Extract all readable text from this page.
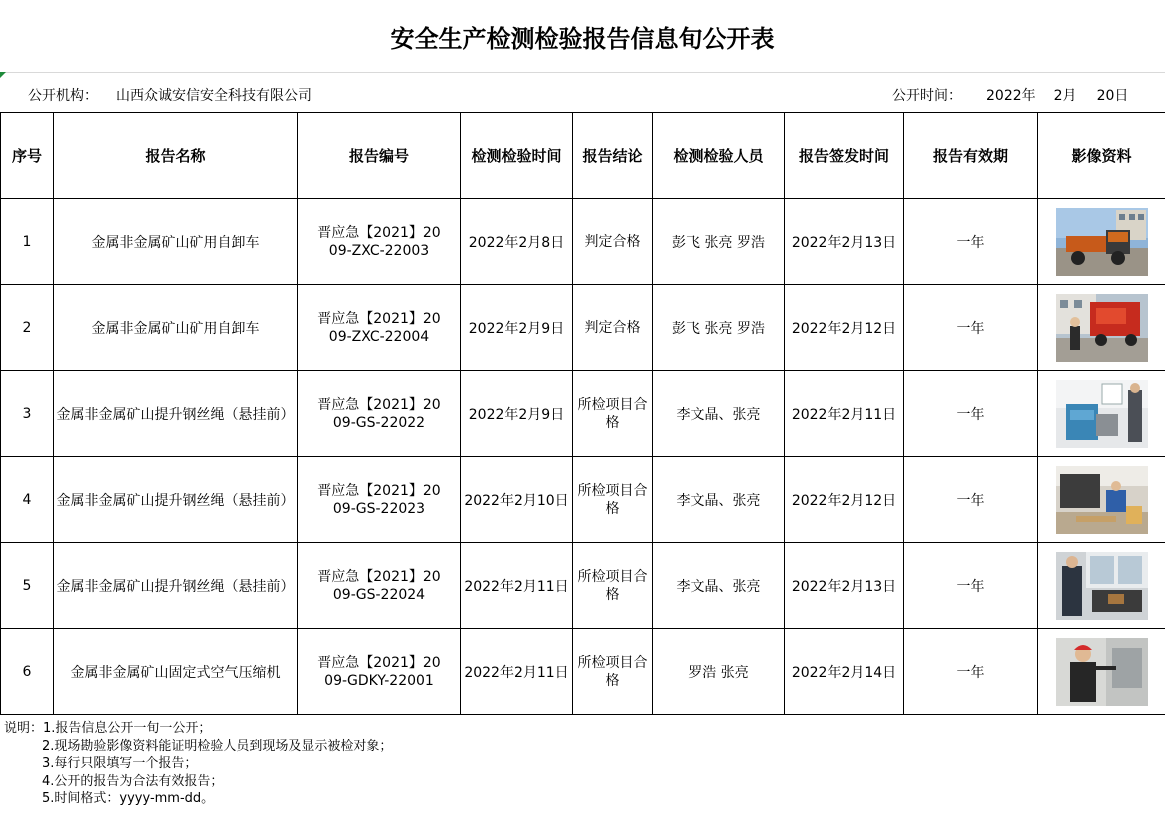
安全生产检测检验报告信息旬公开表
公开机构： 山西众诚安信安全科技有限公司	公开时间： 2022年 2月 20日
序号	报告名称	报告编号	检测检验时间	报告结论	检测检验人员	报告签发时间	报告有效期	影像资料
1	金属非金属矿山矿用自卸车	晋应急【2021】2009-ZXC-22003	2022年2月8日	判定合格	彭飞 张亮 罗浩	2022年2月13日	一年	
2	金属非金属矿山矿用自卸车	晋应急【2021】2009-ZXC-22004	2022年2月9日	判定合格	彭飞 张亮 罗浩	2022年2月12日	一年	
3	金属非金属矿山提升钢丝绳（悬挂前）	晋应急【2021】2009-GS-22022	2022年2月9日	所检项目合格	李文晶、张亮	2022年2月11日	一年	
4	金属非金属矿山提升钢丝绳（悬挂前）	晋应急【2021】2009-GS-22023	2022年2月10日	所检项目合格	李文晶、张亮	2022年2月12日	一年	
5	金属非金属矿山提升钢丝绳（悬挂前）	晋应急【2021】2009-GS-22024	2022年2月11日	所检项目合格	李文晶、张亮	2022年2月13日	一年	
6	金属非金属矿山固定式空气压缩机	晋应急【2021】2009-GDKY-22001	2022年2月11日	所检项目合格	罗浩 张亮	2022年2月14日	一年	
说明：1.报告信息公开一旬一公开；
2.现场勘验影像资料能证明检验人员到现场及显示被检对象；
3.每行只限填写一个报告；
4.公开的报告为合法有效报告；
5.时间格式：yyyy-mm-dd。
